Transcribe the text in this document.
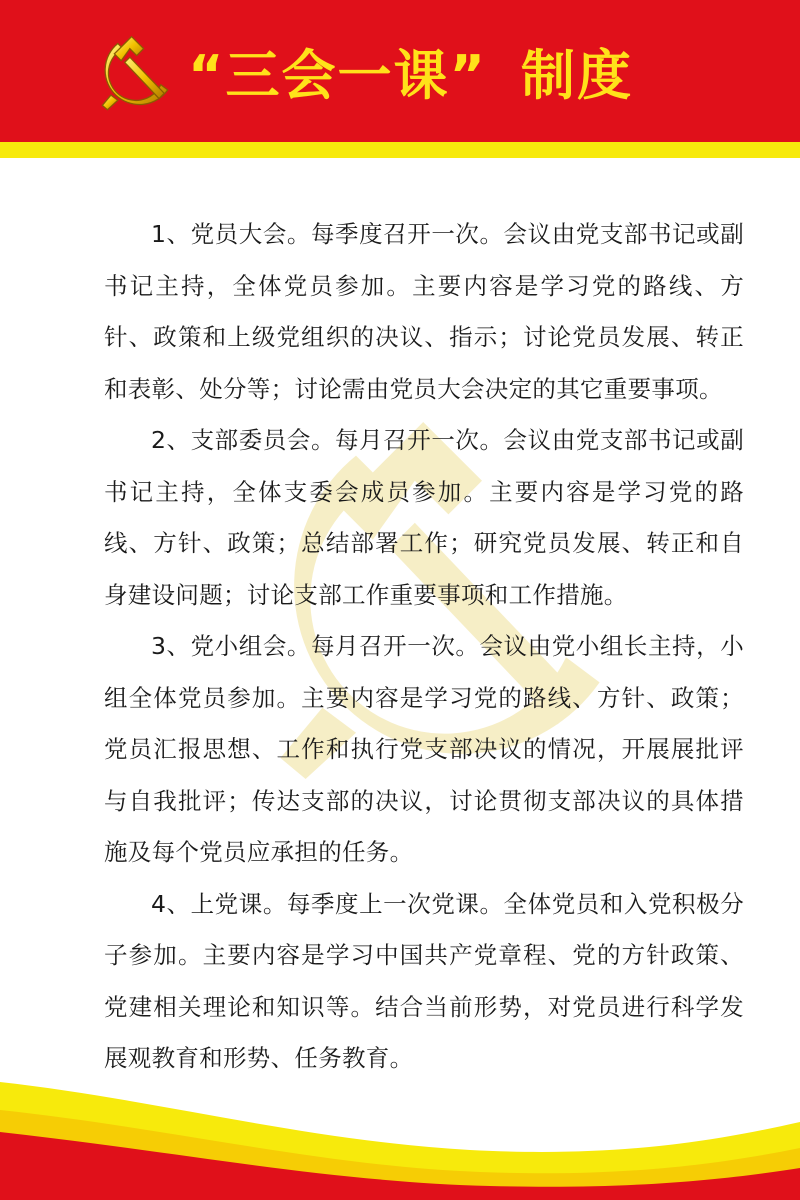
“三会一课” 制度

1、党员大会。每季度召开一次。会议由党支部书记或副书记主持，全体党员参加。主要内容是学习党的路线、方针、政策和上级党组织的决议、指示；讨论党员发展、转正和表彰、处分等；讨论需由党员大会决定的其它重要事项。

2、支部委员会。每月召开一次。会议由党支部书记或副书记主持，全体支委会成员参加。主要内容是学习党的路线、方针、政策；总结部署工作；研究党员发展、转正和自身建设问题；讨论支部工作重要事项和工作措施。

3、党小组会。每月召开一次。会议由党小组长主持，小组全体党员参加。主要内容是学习党的路线、方针、政策；党员汇报思想、工作和执行党支部决议的情况，开展展批评与自我批评；传达支部的决议，讨论贯彻支部决议的具体措施及每个党员应承担的任务。

4、上党课。每季度上一次党课。全体党员和入党积极分子参加。主要内容是学习中国共产党章程、党的方针政策、党建相关理论和知识等。结合当前形势，对党员进行科学发展观教育和形势、任务教育。
